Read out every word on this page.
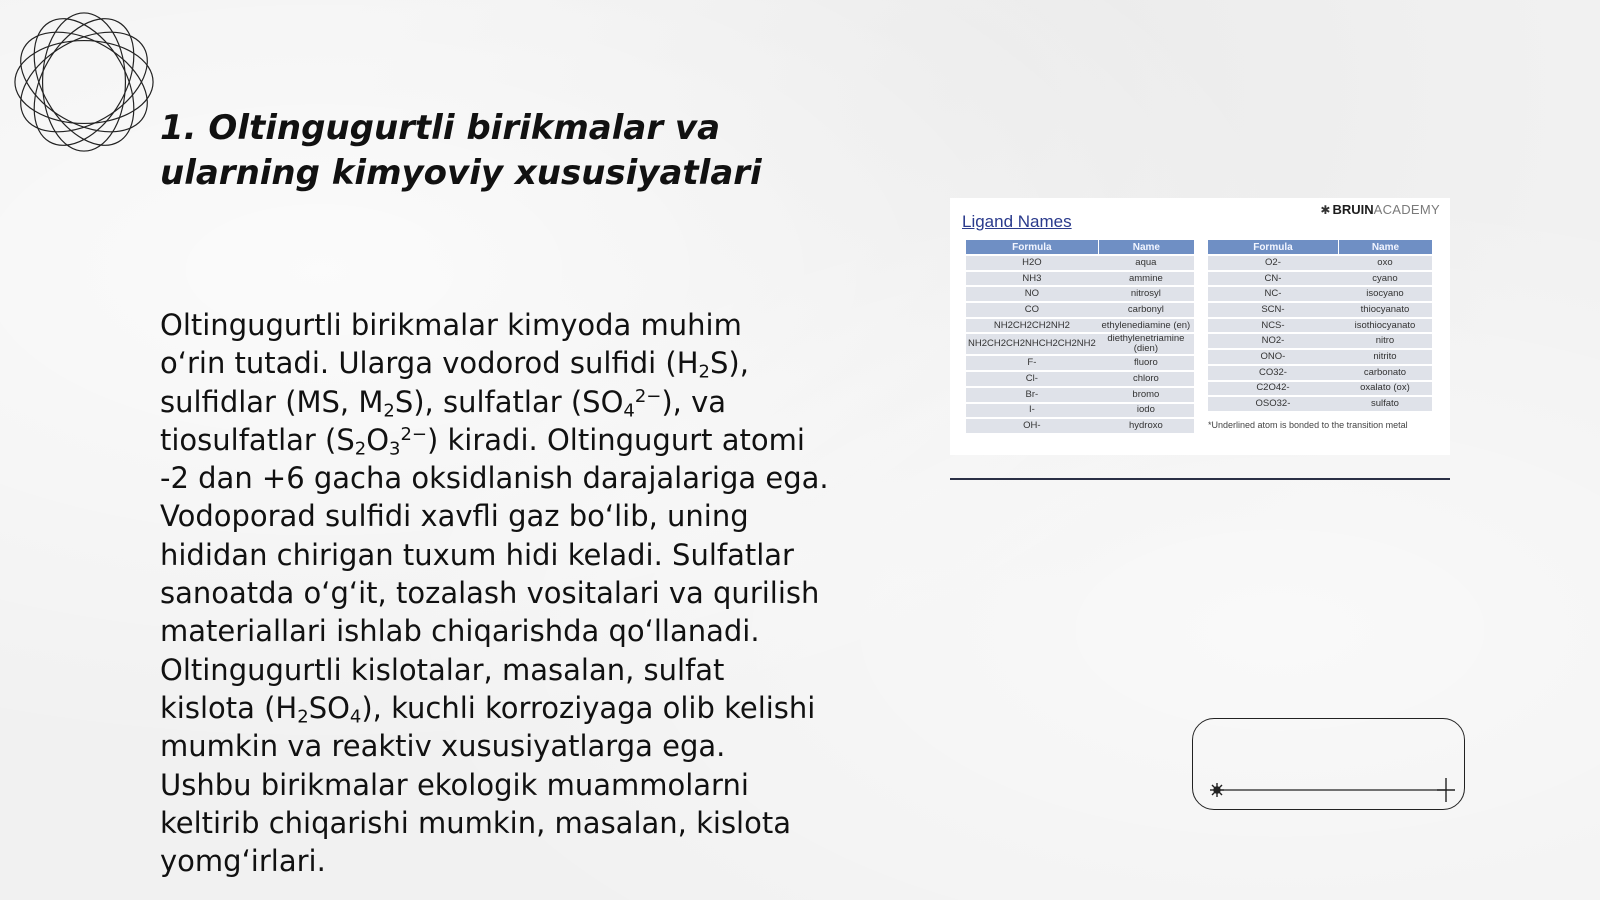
1. Oltingugurtli birikmalar va
ularning kimyoviy xususiyatlari
Oltingugurtli birikmalar kimyoda muhim
o‘rin tutadi. Ularga vodorod sulfidi $(H_2S)$,
sulfidlar (MS, $M_2S$), sulfatlar $(SO_4^{2-})$, va
tiosulfatlar $(S_2O_3^{2-})$ kiradi. Oltingugurt atomi
-2 dan +6 gacha oksidlanish darajalariga ega.
Vodoporad sulfidi xavfli gaz bo‘lib, uning
hididan chirigan tuxum hidi keladi. Sulfatlar
sanoatda o‘g‘it, tozalash vositalari va qurilish
materiallari ishlab chiqarishda qo‘llanadi.
Oltingugurtli kislotalar, masalan, sulfat
kislota $(H_2SO_4)$, kuchli korroziyaga olib kelishi
mumkin va reaktiv xususiyatlarga ega.
Ushbu birikmalar ekologik muammolarni
keltirib chiqarishi mumkin, masalan, kislota
yomg‘irlari.
Ligand Names
✱ BRUINACADEMY
Formula	Name
H2O	aqua
NH3	ammine
NO	nitrosyl
CO	carbonyl
NH2CH2CH2NH2	ethylenediamine (en)
NH2CH2CH2NHCH2CH2NH2	diethylenetriamine (dien)
F-	fluoro
Cl-	chloro
Br-	bromo
I-	iodo
OH-	hydroxo
Formula	Name
O2-	oxo
CN-	cyano
NC-	isocyano
SCN-	thiocyanato
NCS-	isothiocyanato
NO2-	nitro
ONO-	nitrito
CO32-	carbonato
C2O42-	oxalato (ox)
OSO32-	sulfato
*Underlined atom is bonded to the transition metal
